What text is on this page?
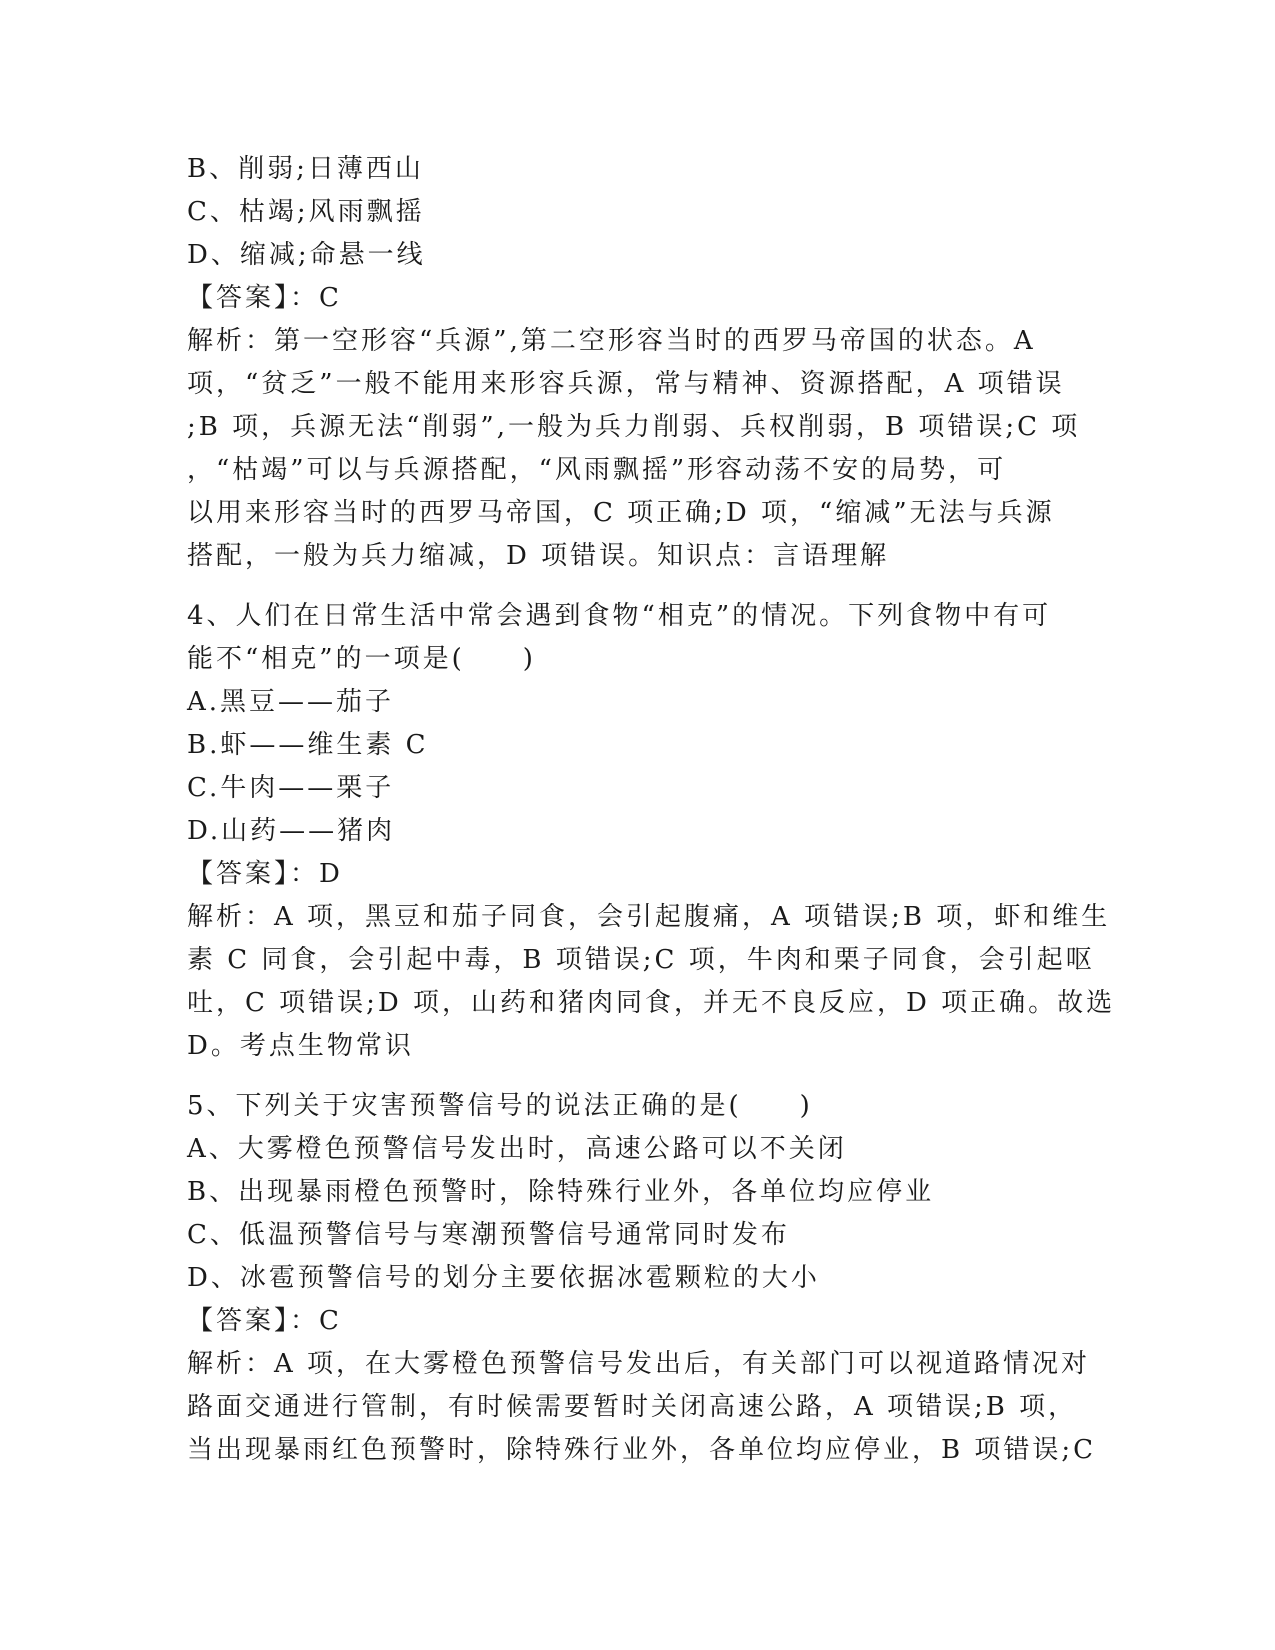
B、削弱;日薄西山
C、枯竭;风雨飘摇
D、缩减;命悬一线
【答案】：C
解析：第一空形容“兵源”,第二空形容当时的西罗马帝国的状态。A
项，“贫乏”一般不能用来形容兵源，常与精神、资源搭配，A 项错误
;B 项，兵源无法“削弱”,一般为兵力削弱、兵权削弱，B 项错误;C 项
，“枯竭”可以与兵源搭配，“风雨飘摇”形容动荡不安的局势，可
以用来形容当时的西罗马帝国，C 项正确;D 项，“缩减”无法与兵源
搭配，一般为兵力缩减，D 项错误。知识点：言语理解
4、人们在日常生活中常会遇到食物“相克”的情况。下列食物中有可
能不“相克”的一项是(　　)
A.黑豆——茄子
B.虾——维生素 C
C.牛肉——栗子
D.山药——猪肉
【答案】：D
解析：A 项，黑豆和茄子同食，会引起腹痛，A 项错误;B 项，虾和维生
素 C 同食，会引起中毒，B 项错误;C 项，牛肉和栗子同食，会引起呕
吐，C 项错误;D 项，山药和猪肉同食，并无不良反应，D 项正确。故选
D。考点生物常识
5、下列关于灾害预警信号的说法正确的是(　　)
A、大雾橙色预警信号发出时，高速公路可以不关闭
B、出现暴雨橙色预警时，除特殊行业外，各单位均应停业
C、低温预警信号与寒潮预警信号通常同时发布
D、冰雹预警信号的划分主要依据冰雹颗粒的大小
【答案】：C
解析：A 项，在大雾橙色预警信号发出后，有关部门可以视道路情况对
路面交通进行管制，有时候需要暂时关闭高速公路，A 项错误;B 项，
当出现暴雨红色预警时，除特殊行业外，各单位均应停业，B 项错误;C
